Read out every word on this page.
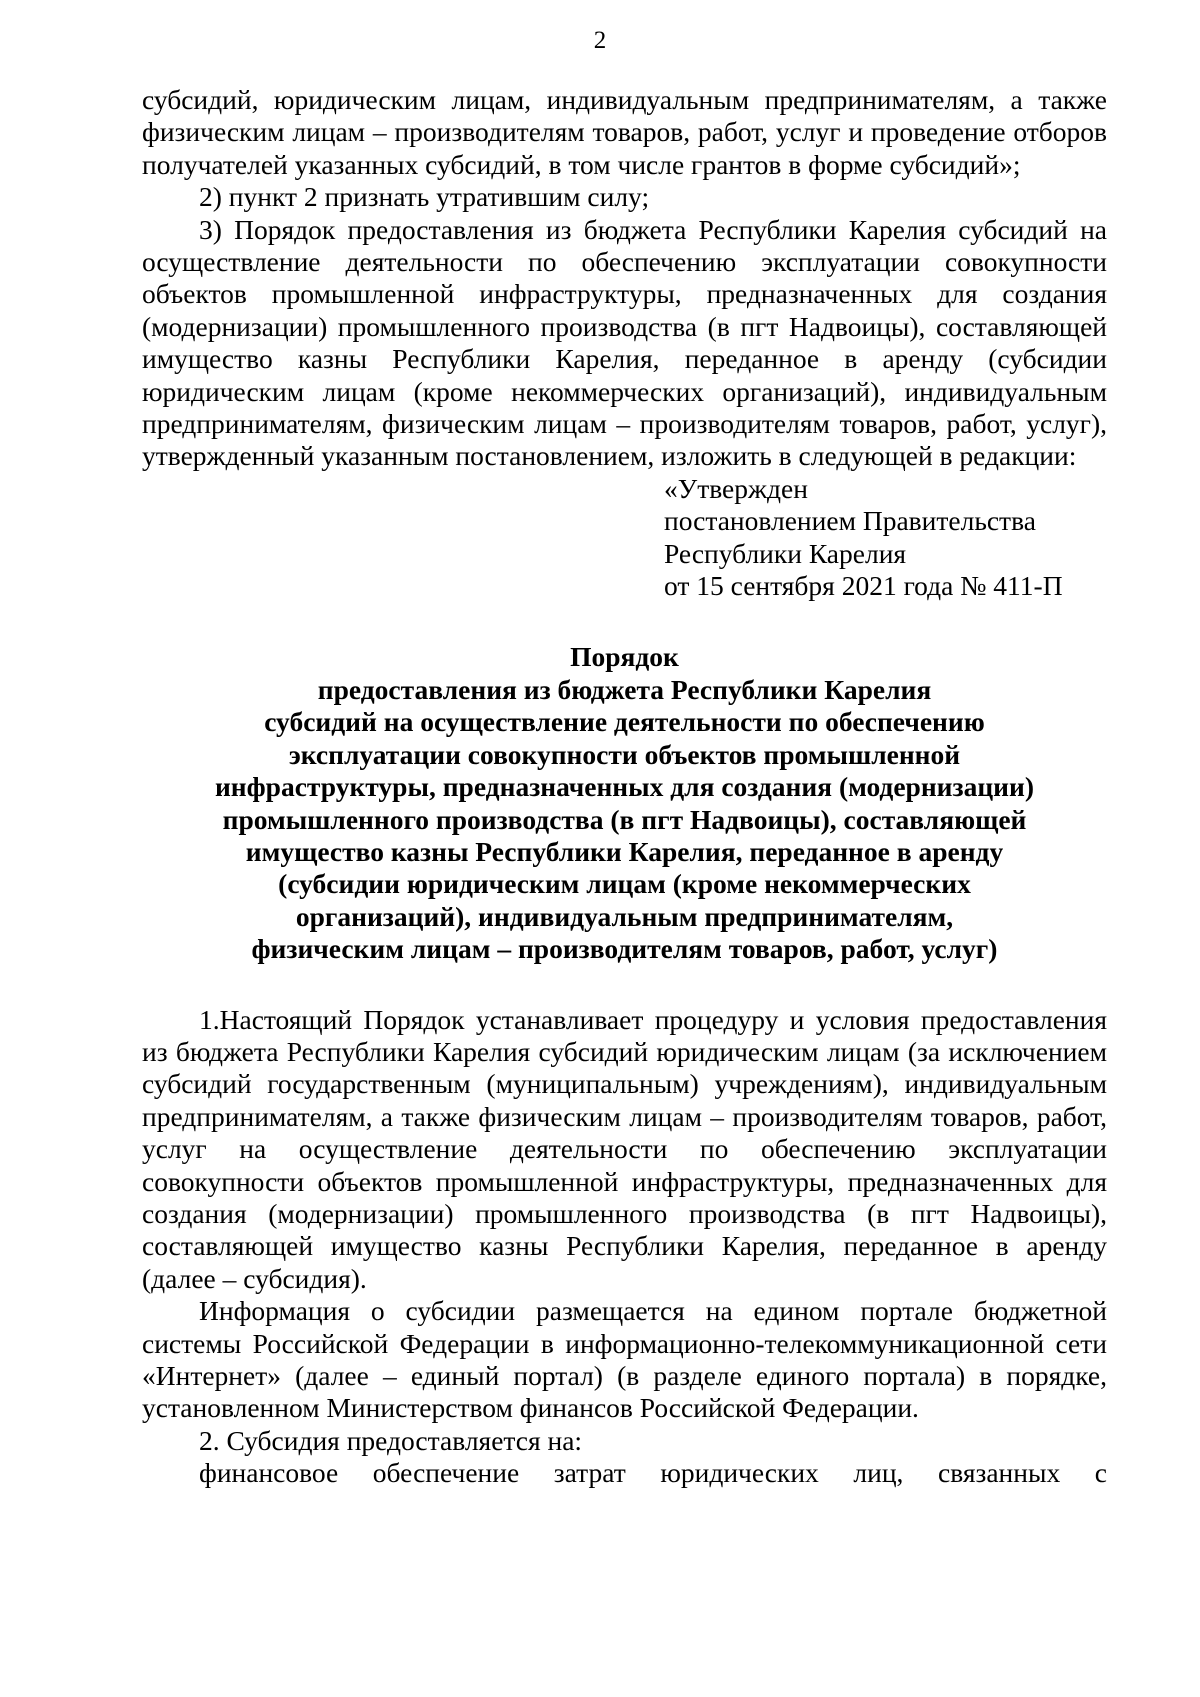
2

субсидий, юридическим лицам, индивидуальным предпринимателям, а также физическим лицам – производителям товаров, работ, услуг и проведение отборов получателей указанных субсидий, в том числе грантов в форме субсидий»;

2) пункт 2 признать утратившим силу;

3) Порядок предоставления из бюджета Республики Карелия субсидий на осуществление деятельности по обеспечению эксплуатации совокупности объектов промышленной инфраструктуры, предназначенных для создания (модернизации) промышленного производства (в пгт Надвоицы), составляющей имущество казны Республики Карелия, переданное в аренду (субсидии юридическим лицам (кроме некоммерческих организаций), индивидуальным предпринимателям, физическим лицам – производителям товаров, работ, услуг), утвержденный указанным постановлением, изложить в следующей в редакции:

«Утвержден
постановлением Правительства
Республики Карелия
от 15 сентября 2021 года № 411-П
Порядок
предоставления из бюджета Республики Карелия
субсидий на осуществление деятельности по обеспечению
эксплуатации совокупности объектов промышленной
инфраструктуры, предназначенных для создания (модернизации)
промышленного производства (в пгт Надвоицы), составляющей
имущество казны Республики Карелия, переданное в аренду
(субсидии юридическим лицам (кроме некоммерческих
организаций), индивидуальным предпринимателям,
физическим лицам – производителям товаров, работ, услуг)

1.Настоящий Порядок устанавливает процедуру и условия предоставления из бюджета Республики Карелия субсидий юридическим лицам (за исключением субсидий государственным (муниципальным) учреждениям), индивидуальным предпринимателям, а также физическим лицам – производителям товаров, работ, услуг на осуществление деятельности по обеспечению эксплуатации совокупности объектов промышленной инфраструктуры, предназначенных для создания (модернизации) промышленного производства (в пгт Надвоицы), составляющей имущество казны Республики Карелия, переданное в аренду (далее – субсидия).

Информация о субсидии размещается на едином портале бюджетной системы Российской Федерации в информационно-телекоммуникационной сети «Интернет» (далее – единый портал) (в разделе единого портала) в порядке, установленном Министерством финансов Российской Федерации.

2. Субсидия предоставляется на:

финансовое обеспечение затрат юридических лиц, связанных с
